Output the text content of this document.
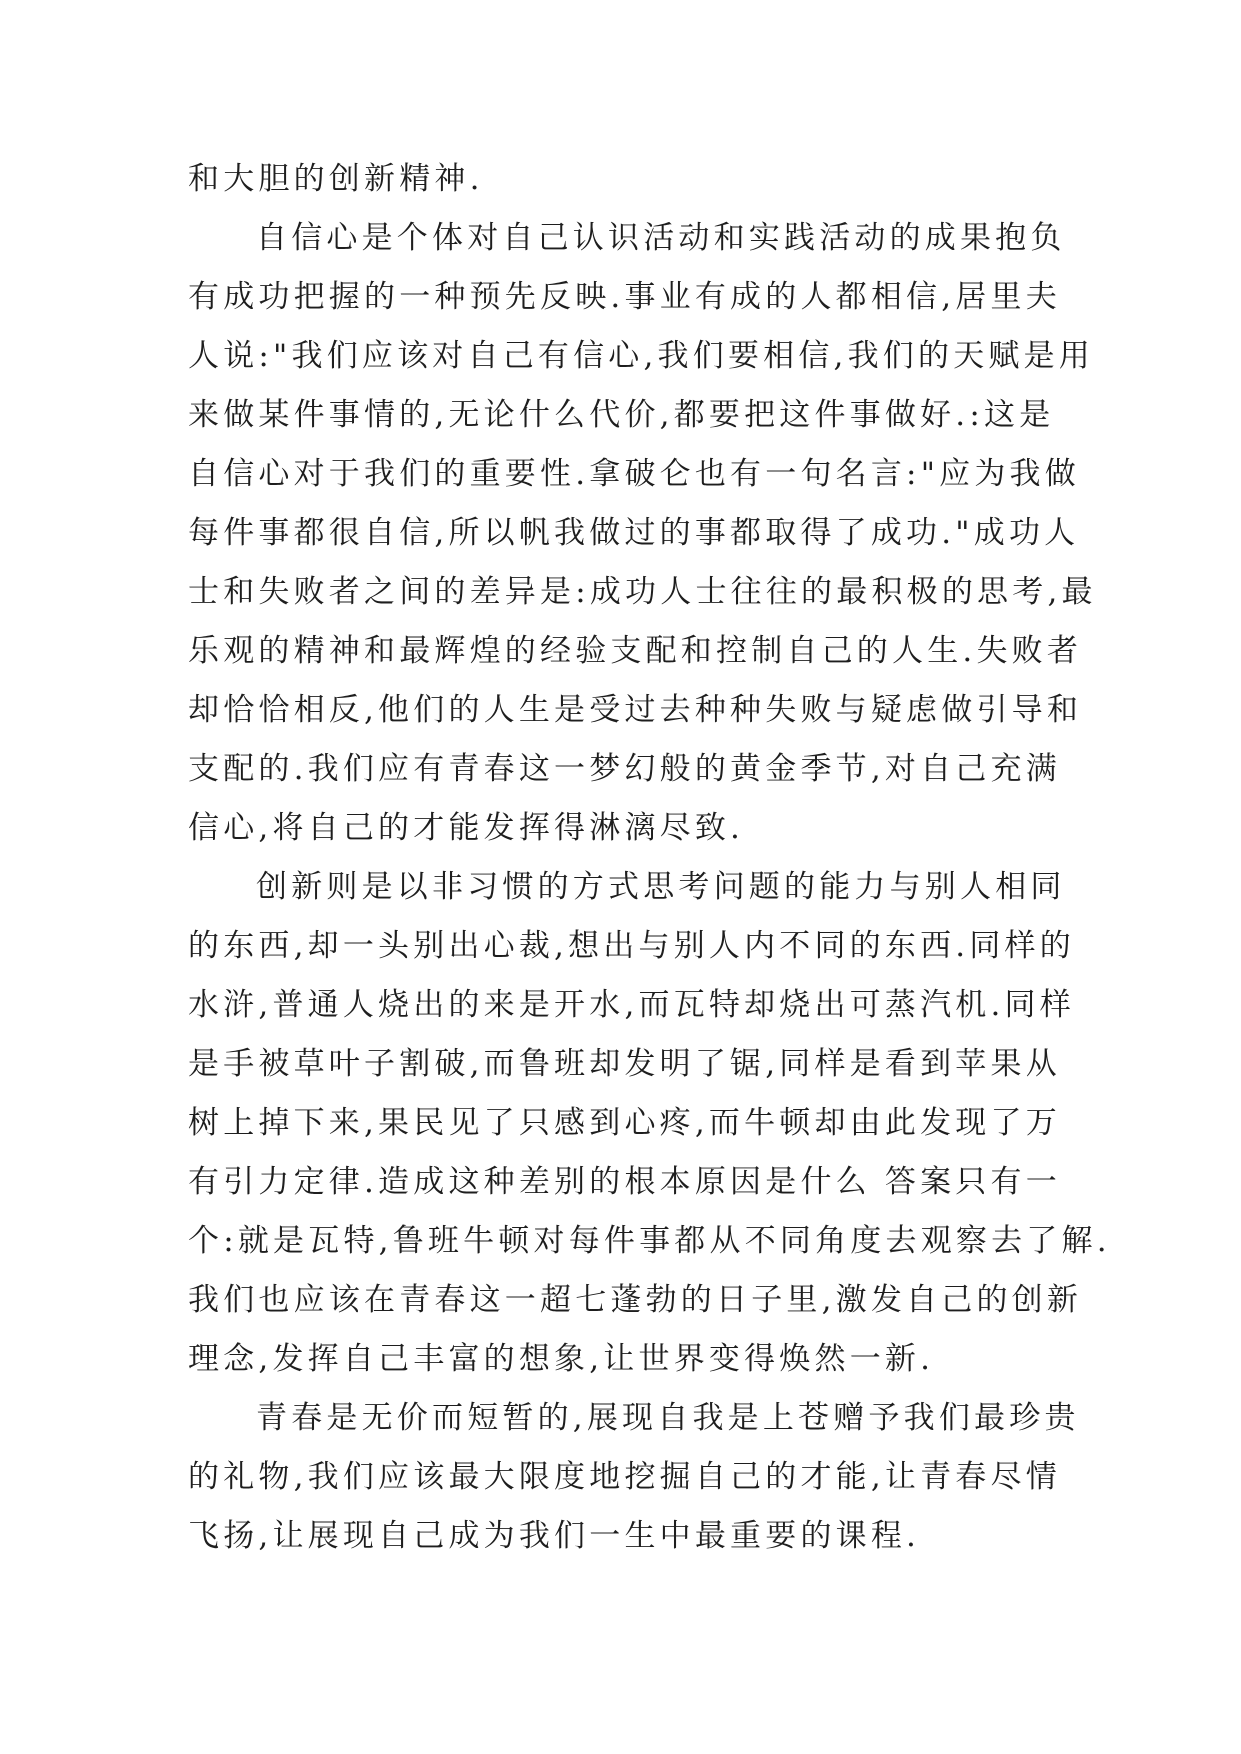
和大胆的创新精神.
自信心是个体对自己认识活动和实践活动的成果抱负
有成功把握的一种预先反映.事业有成的人都相信,居里夫
人说:"我们应该对自己有信心,我们要相信,我们的天赋是用
来做某件事情的,无论什么代价,都要把这件事做好.:这是
自信心对于我们的重要性.拿破仑也有一句名言:"应为我做
每件事都很自信,所以帆我做过的事都取得了成功."成功人
士和失败者之间的差异是:成功人士往往的最积极的思考,最
乐观的精神和最辉煌的经验支配和控制自己的人生.失败者
却恰恰相反,他们的人生是受过去种种失败与疑虑做引导和
支配的.我们应有青春这一梦幻般的黄金季节,对自己充满
信心,将自己的才能发挥得淋漓尽致.
创新则是以非习惯的方式思考问题的能力与别人相同
的东西,却一头别出心裁,想出与别人内不同的东西.同样的
水浒,普通人烧出的来是开水,而瓦特却烧出可蒸汽机.同样
是手被草叶子割破,而鲁班却发明了锯,同样是看到苹果从
树上掉下来,果民见了只感到心疼,而牛顿却由此发现了万
有引力定律.造成这种差别的根本原因是什么 答案只有一
个:就是瓦特,鲁班牛顿对每件事都从不同角度去观察去了解.
我们也应该在青春这一超七蓬勃的日子里,激发自己的创新
理念,发挥自己丰富的想象,让世界变得焕然一新.
青春是无价而短暂的,展现自我是上苍赠予我们最珍贵
的礼物,我们应该最大限度地挖掘自己的才能,让青春尽情
飞扬,让展现自己成为我们一生中最重要的课程.
